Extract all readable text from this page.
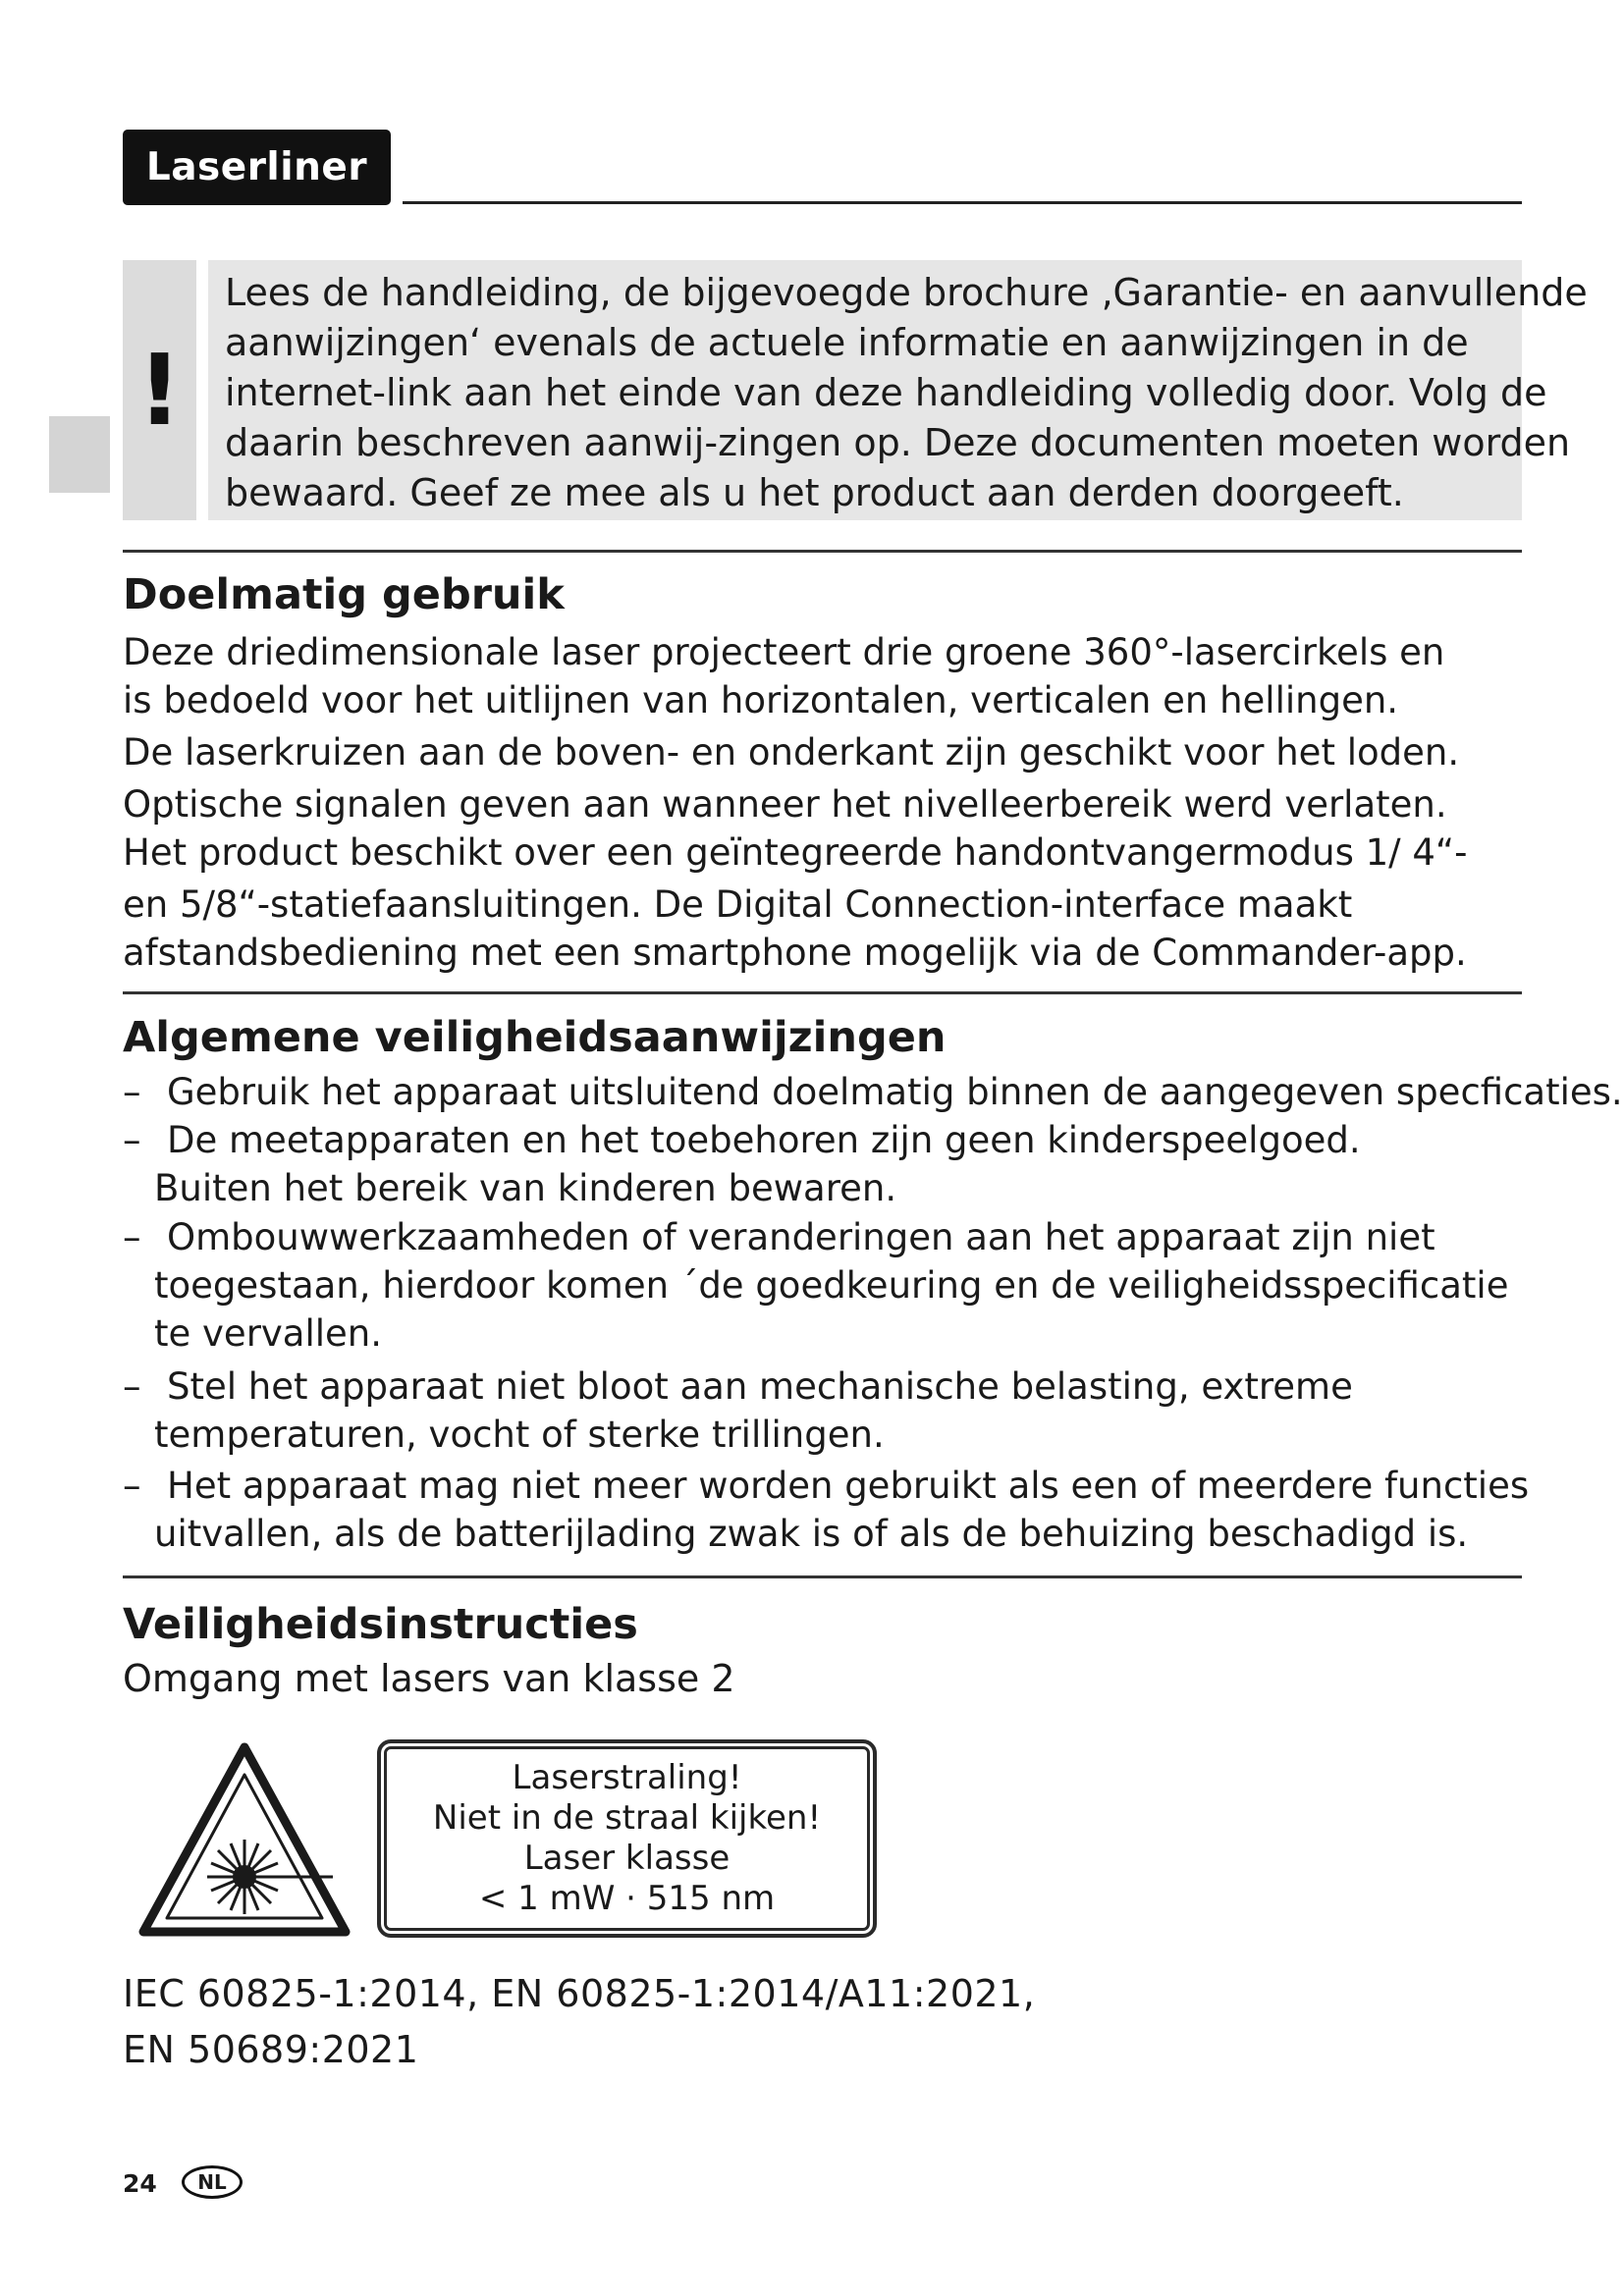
Laserliner
!
Lees de handleiding, de bijgevoegde brochure ‚Garantie- en aanvullende
aanwijzingen‘ evenals de actuele informatie en aanwijzingen in de
internet-link aan het einde van deze handleiding volledig door. Volg de
daarin beschreven aanwij-zingen op. Deze documenten moeten worden
bewaard. Geef ze mee als u het product aan derden doorgeeft.
Doelmatig gebruik
Deze driedimensionale laser projecteert drie groene 360°-lasercirkels en
is bedoeld voor het uitlijnen van horizontalen, verticalen en hellingen.
De laserkruizen aan de boven- en onderkant zijn geschikt voor het loden.
Optische signalen geven aan wanneer het nivelleerbereik werd verlaten.
Het product beschikt over een geïntegreerde handontvangermodus 1/ 4“-
en 5/8“-statiefaansluitingen. De Digital Connection-interface maakt
afstandsbediening met een smartphone mogelijk via de Commander-app.
Algemene veiligheidsaanwijzingen
– Gebruik het apparaat uitsluitend doelmatig binnen de aangegeven specficaties.
– De meetapparaten en het toebehoren zijn geen kinderspeelgoed.
Buiten het bereik van kinderen bewaren.
– Ombouwwerkzaamheden of veranderingen aan het apparaat zijn niet
toegestaan, hierdoor komen ´de goedkeuring en de veiligheidsspecificatie
te vervallen.
– Stel het apparaat niet bloot aan mechanische belasting, extreme
temperaturen, vocht of sterke trillingen.
– Het apparaat mag niet meer worden gebruikt als een of meerdere functies
uitvallen, als de batterijlading zwak is of als de behuizing beschadigd is.
Veiligheidsinstructies
Omgang met lasers van klasse 2
Laserstraling!
Niet in de straal kijken!
Laser klasse
< 1 mW · 515 nm
IEC 60825-1:2014, EN 60825-1:2014/A11:2021,
EN 50689:2021
24	NL
